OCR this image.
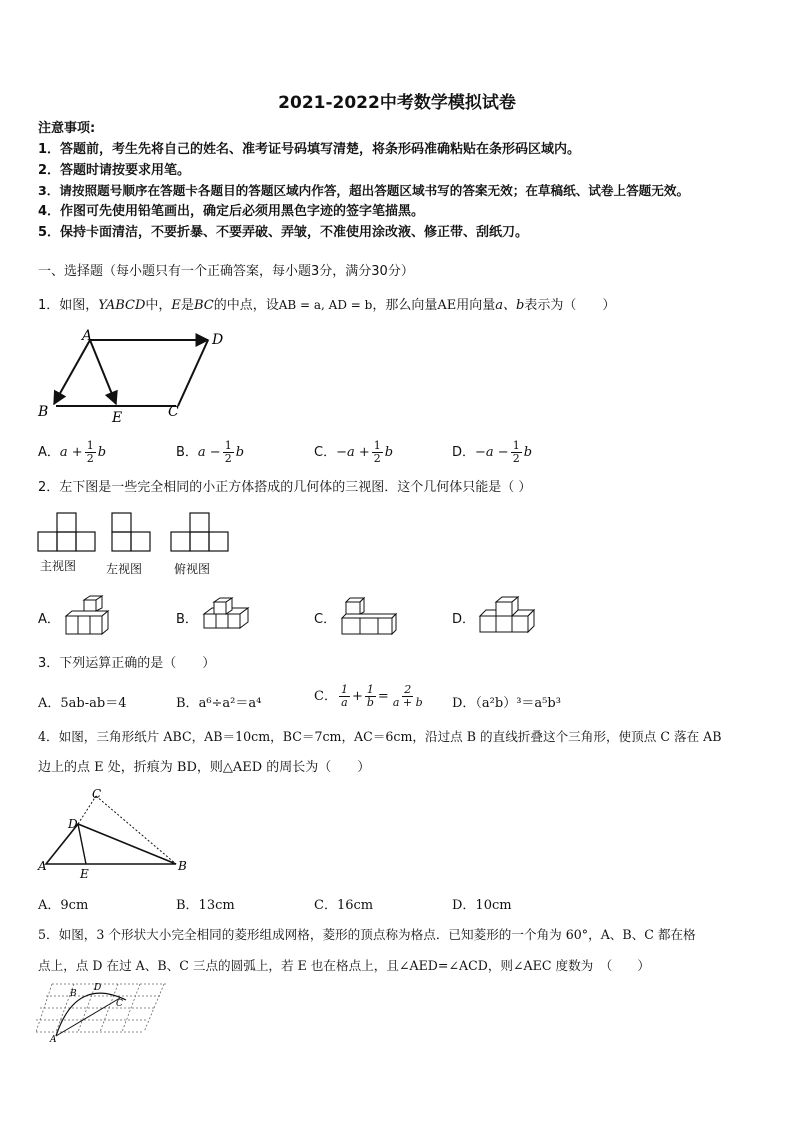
2021-2022中考数学模拟试卷
注意事项:
1．答题前，考生先将自己的姓名、准考证号码填写清楚，将条形码准确粘贴在条形码区域内。
2．答题时请按要求用笔。
3．请按照题号顺序在答题卡各题目的答题区域内作答，超出答题区域书写的答案无效；在草稿纸、试卷上答题无效。
4．作图可先使用铅笔画出，确定后必须用黑色字迹的签字笔描黑。
5．保持卡面清洁，不要折暴、不要弄破、弄皱，不准使用涂改液、修正带、刮纸刀。
一、选择题（每小题只有一个正确答案，每小题3分，满分30分）
1．如图，YABCD中，E是BC的中点，设AB = a, AD = b，那么向量AE用向量a、b表示为（　　）
A	D
B	E	C
A．$a + \frac{1}{2}$ b	B．$a - \frac{1}{2}$ b	C．$-a + \frac{1}{2}$ b	D．$-a - \frac{1}{2}$ b
2．左下图是一些完全相同的小正方体搭成的几何体的三视图．这个几何体只能是（ ）
主视图 左视图	俯视图
A．	B．	C．	D．
3．下列运算正确的是（　　）
A．5ab-ab＝4	B．a⁶÷a²＝a⁴	C． $\frac{1}{a} + \frac{1}{b} = \frac{2}{a + b}$ D．（a²b）³＝a⁵b³
4．如图，三角形纸片 ABC，AB＝10cm，BC＝7cm，AC＝6cm，沿过点 B 的直线折叠这个三角形，使顶点 C 落在 AB
边上的点 E 处，折痕为 BD，则△AED 的周长为（　　）
C
D
A
E
B
A．9cm	B．13cm	C．16cm	D．10cm
5．如图，3 个形状大小完全相同的菱形组成网格，菱形的顶点称为格点．已知菱形的一个角为 60°，A、B、C 都在格
点上，点 D 在过 A、B、C 三点的圆弧上，若 E 也在格点上，且∠AED=∠ACD，则∠AEC 度数为　（　　）
B
D
C
A
